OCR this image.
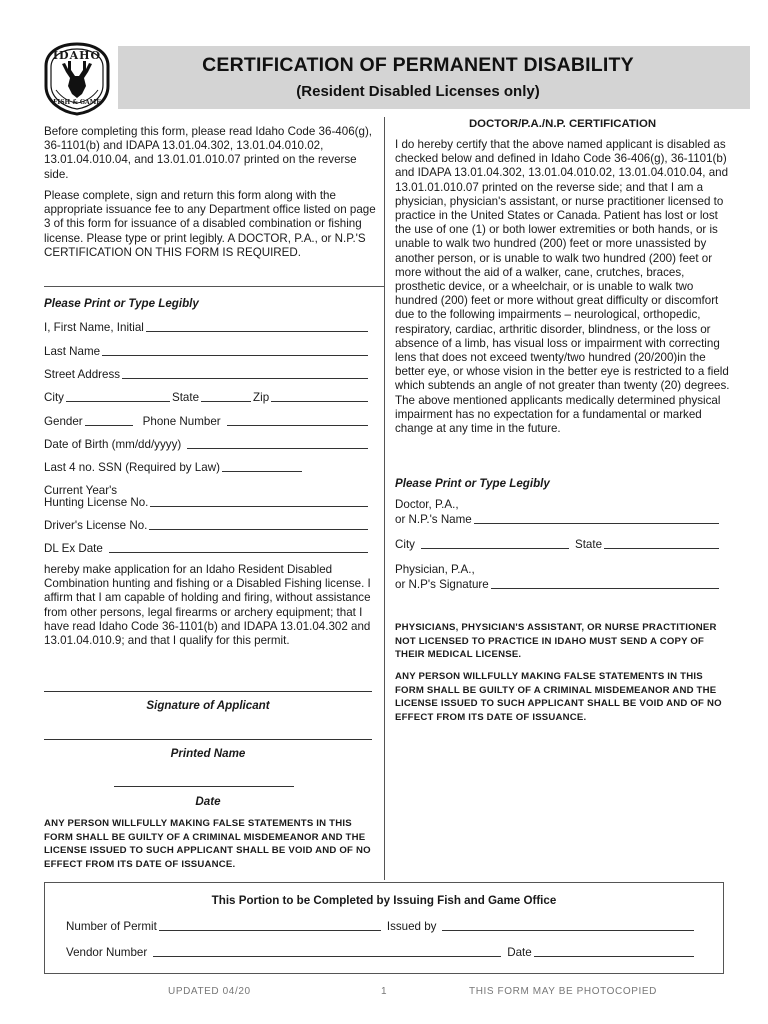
IDAHO
FISH & GAME
CERTIFICATION OF PERMANENT DISABILITY
(Resident Disabled Licenses only)

Before completing this form, please read Idaho Code 36-406(g), 36-1101(b) and IDAPA 13.01.04.302, 13.01.04.010.02, 13.01.04.010.04, and 13.01.01.010.07 printed on the reverse side.

Please complete, sign and return this form along with the appropriate issuance fee to any Department office listed on page 3 of this form for issuance of a disabled combination or fishing license. Please type or print legibly. A DOCTOR, P.A., or N.P.'S CERTIFICATION ON THIS FORM IS REQUIRED.

Please Print or Type Legibly
I, First Name, Initial
Last Name
Street Address
City	State	Zip
Gender	Phone Number
Date of Birth (mm/dd/yyyy)
Last 4 no. SSN (Required by Law)
Current Year's
Hunting License No.
Driver's License No.
DL Ex Date

hereby make application for an Idaho Resident Disabled Combination hunting and fishing or a Disabled Fishing license. I affirm that I am capable of holding and firing, without assistance from other persons, legal firearms or archery equipment; that I have read Idaho Code 36-1101(b) and IDAPA 13.01.04.302 and 13.01.04.010.9; and that I qualify for this permit.

Signature of Applicant
Printed Name
Date
ANY PERSON WILLFULLY MAKING FALSE STATEMENTS IN THIS FORM SHALL BE GUILTY OF A CRIMINAL MISDEMEANOR AND THE LICENSE ISSUED TO SUCH APPLICANT SHALL BE VOID AND OF NO EFFECT FROM ITS DATE OF ISSUANCE.
DOCTOR/P.A./N.P. CERTIFICATION

I do hereby certify that the above named applicant is disabled as checked below and defined in Idaho Code 36-406(g), 36-1101(b) and IDAPA 13.01.04.302, 13.01.04.010.02, 13.01.04.010.04, and 13.01.01.010.07 printed on the reverse side; and that I am a physician, physician's assistant, or nurse practitioner licensed to practice in the United States or Canada. Patient has lost or lost the use of one (1) or both lower extremities or both hands, or is unable to walk two hundred (200) feet or more unassisted by another person, or is unable to walk two hundred (200) feet or more without the aid of a walker, cane, crutches, braces, prosthetic device, or a wheelchair, or is unable to walk two hundred (200) feet or more without great difficulty or discomfort due to the following impairments – neurological, orthopedic, respiratory, cardiac, arthritic disorder, blindness, or the loss or absence of a limb, has visual loss or impairment with correcting lens that does not exceed twenty/two hundred (20/200)in the better eye, or whose vision in the better eye is restricted to a field which subtends an angle of not greater than twenty (20) degrees. The above mentioned applicants medically determined physical impairment has no expectation for a fundamental or marked change at any time in the future.

Please Print or Type Legibly
Doctor, P.A.,
or N.P.'s Name
City	State
Physician, P.A.,
or N.P's Signature
PHYSICIANS, PHYSICIAN'S ASSISTANT, OR NURSE PRACTITIONER NOT LICENSED TO PRACTICE IN IDAHO MUST SEND A COPY OF THEIR MEDICAL LICENSE.
ANY PERSON WILLFULLY MAKING FALSE STATEMENTS IN THIS FORM SHALL BE GUILTY OF A CRIMINAL MISDEMEANOR AND THE LICENSE ISSUED TO SUCH APPLICANT SHALL BE VOID AND OF NO EFFECT FROM ITS DATE OF ISSUANCE.
This Portion to be Completed by Issuing Fish and Game Office
Number of Permit	Issued by
Vendor Number	Date
UPDATED 04/20	1	THIS FORM MAY BE PHOTOCOPIED
